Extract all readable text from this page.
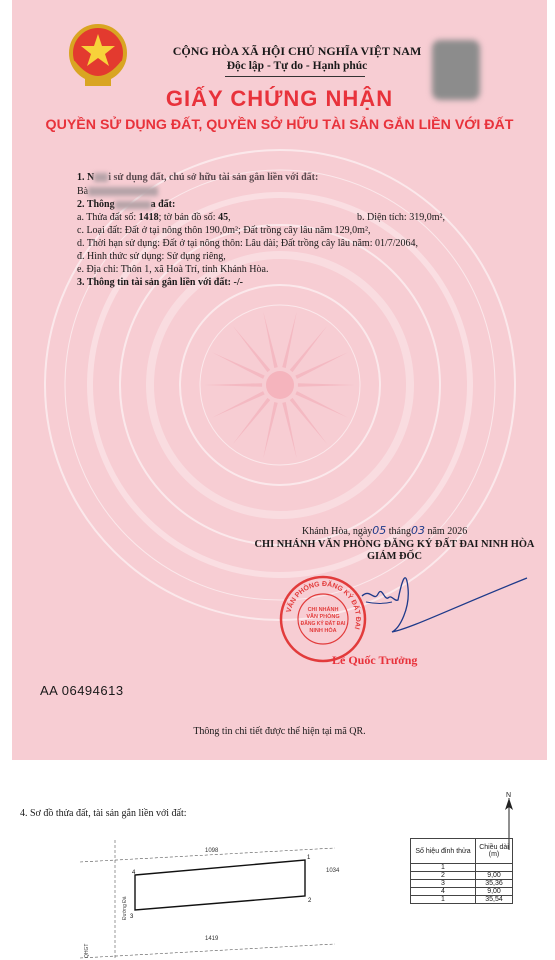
CỘNG HÒA XÃ HỘI CHỦ NGHĨA VIỆT NAM
Độc lập - Tự do - Hạnh phúc
GIẤY CHỨNG NHẬN
QUYỀN SỬ DỤNG ĐẤT, QUYỀN SỞ HỮU TÀI SẢN GẮN LIỀN VỚI ĐẤT
1. N i sử dụng đất, chủ sở hữu tài sản gắn liền với đất:
Bà
2. Thông	a đất:
a. Thửa đất số: 1418; tờ bản đồ số: 45,	b. Diện tích: 319,0m²,
c. Loại đất: Đất ở tại nông thôn 190,0m²; Đất trồng cây lâu năm 129,0m²,
d. Thời hạn sử dụng: Đất ở tại nông thôn: Lâu dài; Đất trồng cây lâu năm: 01/7/2064,
đ. Hình thức sử dụng: Sử dụng riêng,
e. Địa chỉ: Thôn 1, xã Hoà Trí, tỉnh Khánh Hòa.
3. Thông tin tài sản gắn liền với đất: -/-
Khánh Hòa, ngày05 tháng03 năm 2026
CHI NHÁNH VĂN PHÒNG ĐĂNG KÝ ĐẤT ĐAI NINH HÒA
GIÁM ĐỐC
VĂN PHÒNG ĐĂNG KÝ ĐẤT ĐAI
CHI NHÁNH
VĂN PHÒNG
ĐĂNG KÝ ĐẤT ĐAI
NINH HÒA
Lê Quốc Trưởng
AA 06494613
Thông tin chi tiết được thể hiện tại mã QR.
4. Sơ đồ thửa đất, tài sản gắn liền với đất:
1098
1419
4
1
2
3
Đường Đá
QHGT
1034
N
Số hiệu đỉnh thửa	Chiều dài (m)
1	
2	9,00
3	35,36
4	9,00
1	35,54
